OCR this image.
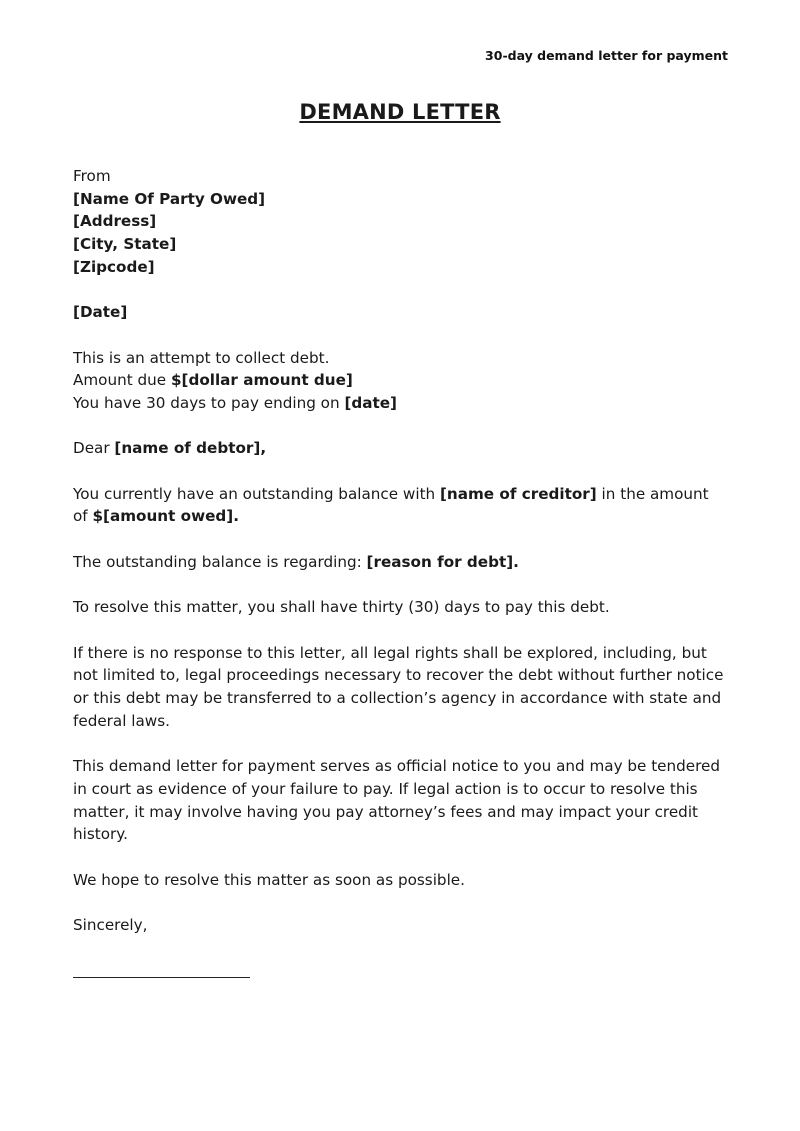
30-day demand letter for payment
DEMAND LETTER

From
[Name Of Party Owed]
[Address]
[City, State]
[Zipcode]

[Date]

This is an attempt to collect debt.
Amount due $[dollar amount due]
You have 30 days to pay ending on [date]

Dear [name of debtor],

You currently have an outstanding balance with [name of creditor] in the amount of $[amount owed].

The outstanding balance is regarding: [reason for debt].

To resolve this matter, you shall have thirty (30) days to pay this debt.

If there is no response to this letter, all legal rights shall be explored, including, but not limited to, legal proceedings necessary to recover the debt without further notice or this debt may be transferred to a collection’s agency in accordance with state and federal laws.

This demand letter for payment serves as official notice to you and may be tendered in court as evidence of your failure to pay. If legal action is to occur to resolve this matter, it may involve having you pay attorney’s fees and may impact your credit history.

We hope to resolve this matter as soon as possible.

Sincerely,
